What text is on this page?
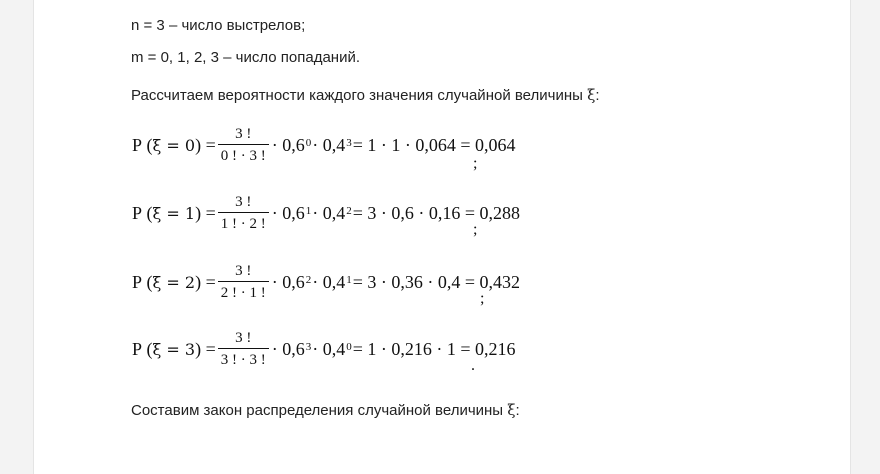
n = 3 – число выстрелов;
m = 0, 1, 2, 3 – число попаданий.
Рассчитаем вероятности каждого значения случайной величины ξ:
P ( ξ = 0 ) = $\frac{3 !}{0 ! \cdot 3 !} \cdot 0,6^0 \cdot 0,4^3 = 1 \cdot 1 \cdot 0,064 = 0,064$
;
P ( ξ = 1 ) = $\frac{3 !}{1 ! \cdot 2 !} \cdot 0,6^1 \cdot 0,4^2 = 3 \cdot 0,6 \cdot 0,16 = 0,288$
;
P ( ξ = 2 ) = $\frac{3 !}{2 ! \cdot 1 !} \cdot 0,6^2 \cdot 0,4^1 = 3 \cdot 0,36 \cdot 0,4 = 0,432$
;
P ( ξ = 3 ) = $\frac{3 !}{3 ! \cdot 3 !} \cdot 0,6^3 \cdot 0,4^0 = 1 \cdot 0,216 \cdot 1 = 0,216$
.
Составим закон распределения случайной величины ξ:
